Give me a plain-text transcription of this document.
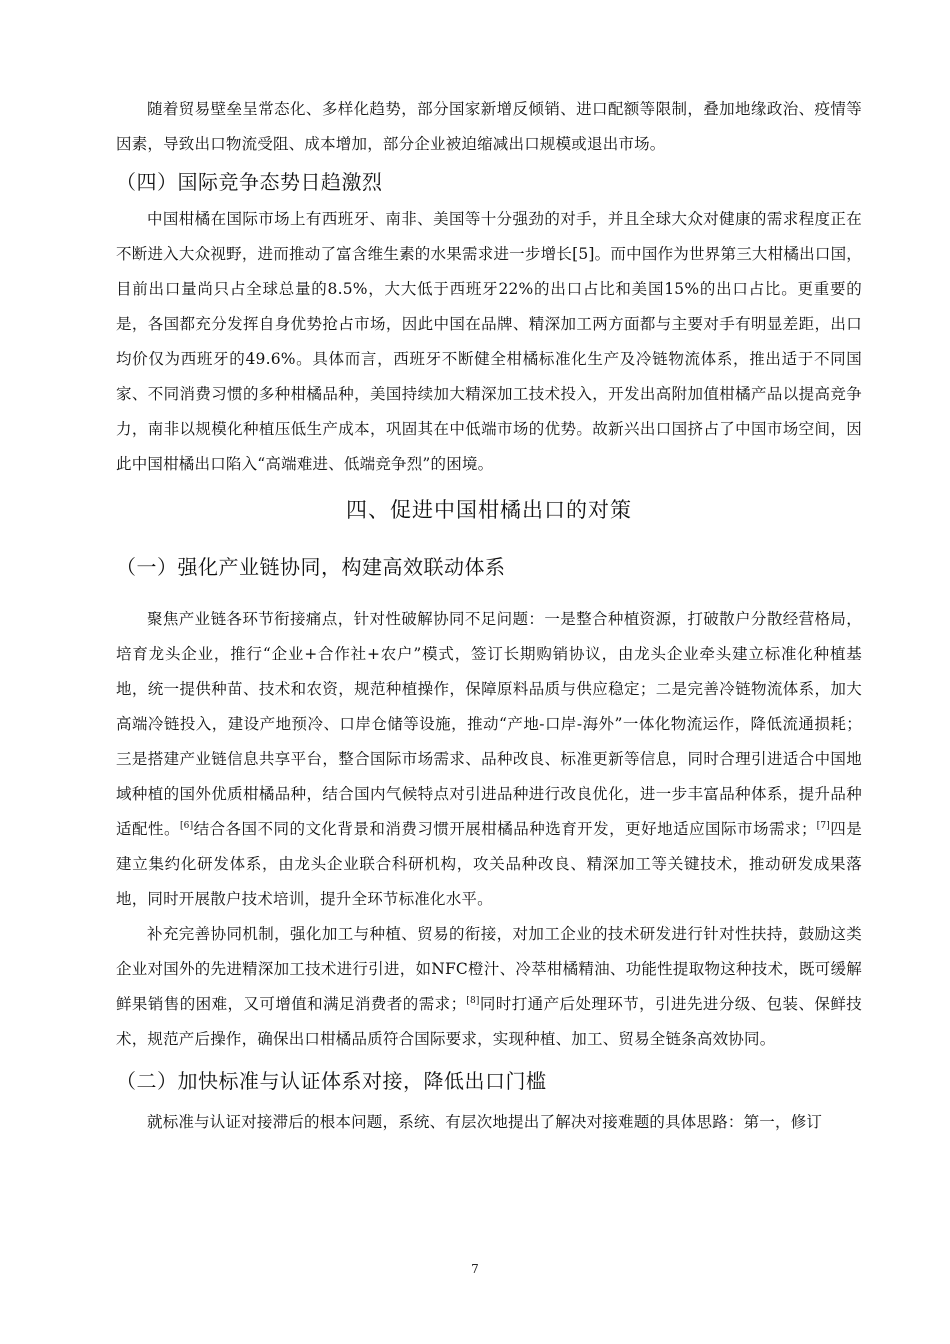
随着贸易壁垒呈常态化、多样化趋势，部分国家新增反倾销、进口配额等限制，叠加地缘政治、疫情等因素，导致出口物流受阻、成本增加，部分企业被迫缩减出口规模或退出市场。

（四）国际竞争态势日趋激烈

中国柑橘在国际市场上有西班牙、南非、美国等十分强劲的对手，并且全球大众对健康的需求程度正在不断进入大众视野，进而推动了富含维生素的水果需求进一步增长[5]。而中国作为世界第三大柑橘出口国，目前出口量尚只占全球总量的8.5%，大大低于西班牙22%的出口占比和美国15%的出口占比。更重要的是，各国都充分发挥自身优势抢占市场，因此中国在品牌、精深加工两方面都与主要对手有明显差距，出口均价仅为西班牙的49.6%。具体而言，西班牙不断健全柑橘标准化生产及冷链物流体系，推出适于不同国家、不同消费习惯的多种柑橘品种，美国持续加大精深加工技术投入，开发出高附加值柑橘产品以提高竞争力，南非以规模化种植压低生产成本，巩固其在中低端市场的优势。故新兴出口国挤占了中国市场空间，因此中国柑橘出口陷入“高端难进、低端竞争烈”的困境。

四、促进中国柑橘出口的对策
（一）强化产业链协同，构建高效联动体系

聚焦产业链各环节衔接痛点，针对性破解协同不足问题：一是整合种植资源，打破散户分散经营格局，培育龙头企业，推行“企业+合作社+农户”模式，签订长期购销协议，由龙头企业牵头建立标准化种植基地，统一提供种苗、技术和农资，规范种植操作，保障原料品质与供应稳定；二是完善冷链物流体系，加大高端冷链投入，建设产地预冷、口岸仓储等设施，推动“产地-口岸-海外”一体化物流运作，降低流通损耗；三是搭建产业链信息共享平台，整合国际市场需求、品种改良、标准更新等信息，同时合理引进适合中国地域种植的国外优质柑橘品种，结合国内气候特点对引进品种进行改良优化，进一步丰富品种体系，提升品种适配性。[6]结合各国不同的文化背景和消费习惯开展柑橘品种选育开发，更好地适应国际市场需求；[7]四是建立集约化研发体系，由龙头企业联合科研机构，攻关品种改良、精深加工等关键技术，推动研发成果落地，同时开展散户技术培训，提升全环节标准化水平。

补充完善协同机制，强化加工与种植、贸易的衔接，对加工企业的技术研发进行针对性扶持，鼓励这类企业对国外的先进精深加工技术进行引进，如NFC橙汁、冷萃柑橘精油、功能性提取物这种技术，既可缓解鲜果销售的困难，又可增值和满足消费者的需求；[8]同时打通产后处理环节，引进先进分级、包装、保鲜技术，规范产后操作，确保出口柑橘品质符合国际要求，实现种植、加工、贸易全链条高效协同。

（二）加快标准与认证体系对接，降低出口门槛

就标准与认证对接滞后的根本问题，系统、有层次地提出了解决对接难题的具体思路：第一，修订

7
